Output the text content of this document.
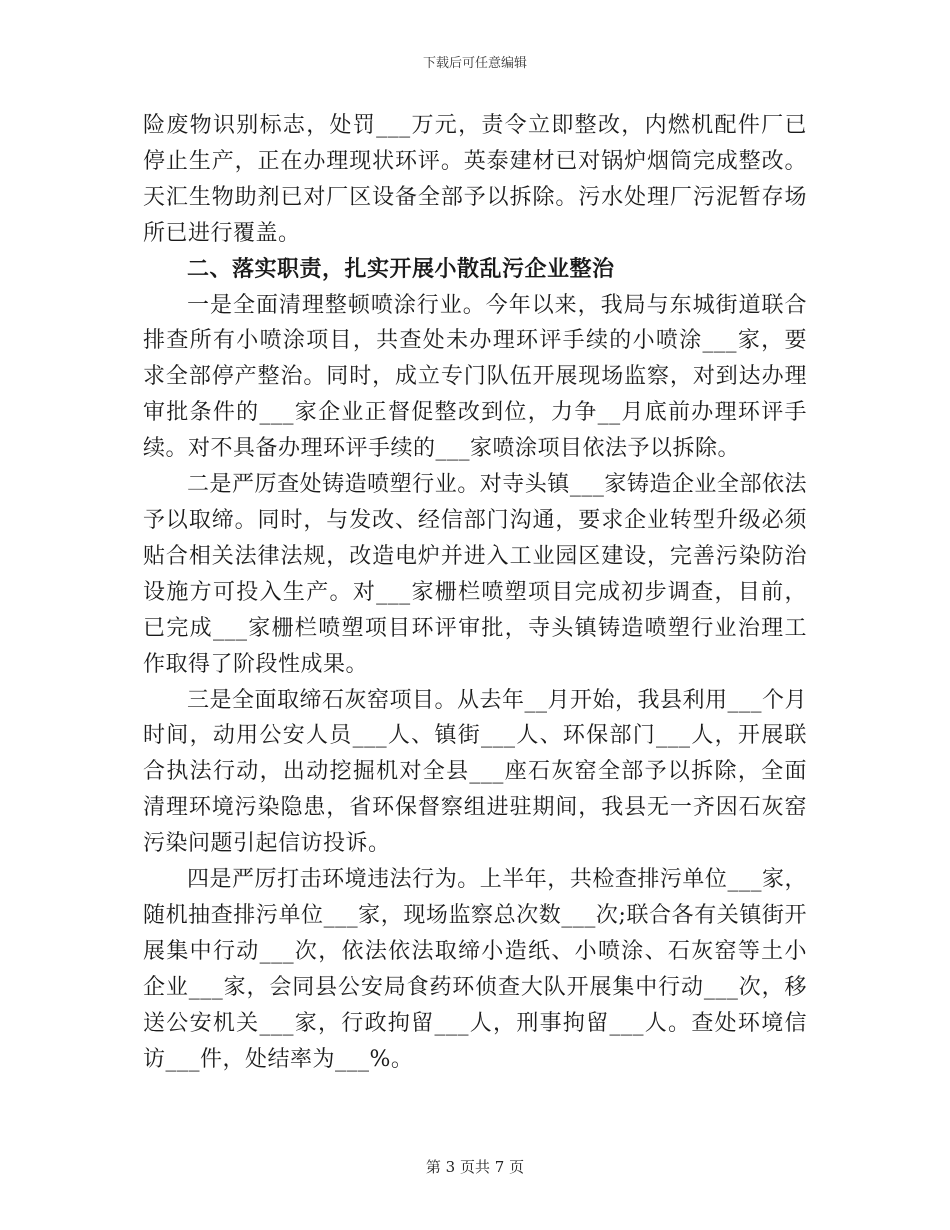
下载后可任意编辑

险废物识别标志，处罚___万元，责令立即整改，内燃机配件厂已停止生产，正在办理现状环评。英泰建材已对锅炉烟筒完成整改。天汇生物助剂已对厂区设备全部予以拆除。污水处理厂污泥暂存场所已进行覆盖。

二、落实职责，扎实开展小散乱污企业整治

一是全面清理整顿喷涂行业。今年以来，我局与东城街道联合排查所有小喷涂项目，共查处未办理环评手续的小喷涂___家，要求全部停产整治。同时，成立专门队伍开展现场监察，对到达办理审批条件的___家企业正督促整改到位，力争__月底前办理环评手续。对不具备办理环评手续的___家喷涂项目依法予以拆除。

二是严厉查处铸造喷塑行业。对寺头镇___家铸造企业全部依法予以取缔。同时，与发改、经信部门沟通，要求企业转型升级必须贴合相关法律法规，改造电炉并进入工业园区建设，完善污染防治设施方可投入生产。对___家栅栏喷塑项目完成初步调查，目前，已完成___家栅栏喷塑项目环评审批，寺头镇铸造喷塑行业治理工作取得了阶段性成果。

三是全面取缔石灰窑项目。从去年__月开始，我县利用___个月时间，动用公安人员___人、镇街___人、环保部门___人，开展联合执法行动，出动挖掘机对全县___座石灰窑全部予以拆除，全面清理环境污染隐患，省环保督察组进驻期间，我县无一齐因石灰窑污染问题引起信访投诉。

四是严厉打击环境违法行为。上半年，共检查排污单位___家，随机抽查排污单位___家，现场监察总次数___次;联合各有关镇街开展集中行动___次，依法依法取缔小造纸、小喷涂、石灰窑等土小企业___家，会同县公安局食药环侦查大队开展集中行动___次，移送公安机关___家，行政拘留___人，刑事拘留___人。查处环境信访___件，处结率为___%。

第 3 页共 7 页
